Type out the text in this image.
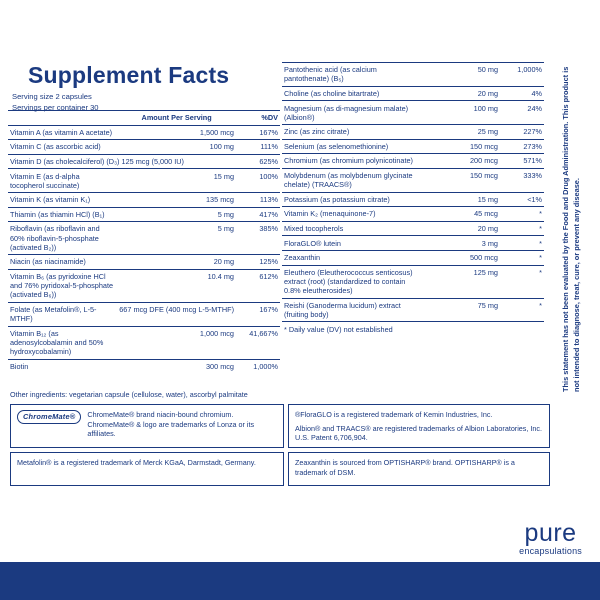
Supplement Facts
Serving size 2 capsules
Servings per container 30
	Amount Per Serving	%DV
Vitamin A (as vitamin A acetate)	1,500 mcg	167%
Vitamin C (as ascorbic acid)	100 mg	111%
Vitamin D (as cholecalciferol) (D₃) 125 mcg (5,000 IU)		625%
Vitamin E (as d-alpha tocopherol succinate)	15 mg	100%
Vitamin K (as vitamin K₁)	135 mcg	113%
Thiamin (as thiamin HCl) (B₁)	5 mg	417%
Riboflavin (as riboflavin and 60% riboflavin-5-phosphate (activated B₂))	5 mg	385%
Niacin (as niacinamide)	20 mg	125%
Vitamin B₆ (as pyridoxine HCl and 76% pyridoxal-5-phosphate (activated B₆))	10.4 mg	612%
Folate (as Metafolin®, L-5-MTHF)	667 mcg DFE (400 mcg L-5-MTHF)	167%
Vitamin B₁₂ (as adenosylcobalamin and 50% hydroxycobalamin)	1,000 mcg	41,667%
Biotin	300 mcg	1,000%
Pantothenic acid (as calcium pantothenate) (B₅)	50 mg	1,000%
Choline (as choline bitartrate)	20 mg	4%
Magnesium (as di-magnesium malate)(Albion®)	100 mg	24%
Zinc (as zinc citrate)	25 mg	227%
Selenium (as selenomethionine)	150 mcg	273%
Chromium (as chromium polynicotinate)	200 mcg	571%
Molybdenum (as molybdenum glycinate chelate) (TRAACS®)	150 mcg	333%
Potassium (as potassium citrate)	15 mg	<1%
Vitamin K₂ (menaquinone-7)	45 mcg	*
Mixed tocopherols	20 mg	*
FloraGLO® lutein	3 mg	*
Zeaxanthin	500 mcg	*
Eleuthero (Eleutherococcus senticosus) extract (root) (standardized to contain 0.8% eleutherosides)	125 mg	*
Reishi (Ganoderma lucidum) extract (fruiting body)	75 mg	*
* Daily value (DV) not established		
Other ingredients: vegetarian capsule (cellulose, water), ascorbyl palmitate
ChromeMate®	ChromeMate® brand niacin-bound chromium. ChromeMate® & logo are trademarks of Lonza or its affiliates.
Metafolin® is a registered trademark of Merck KGaA, Darmstadt, Germany.
®FloraGLO is a registered trademark of Kemin Industries, Inc.
Albion® and TRAACS® are registered trademarks of Albion Laboratories, Inc. U.S. Patent 6,706,904.
Zeaxanthin is sourced from OPTISHARP® brand. OPTISHARP® is a trademark of DSM.
This statement has not been evaluated by the Food and Drug Administration. This product is not intended to diagnose, treat, cure, or prevent any disease.
pure
encapsulations
